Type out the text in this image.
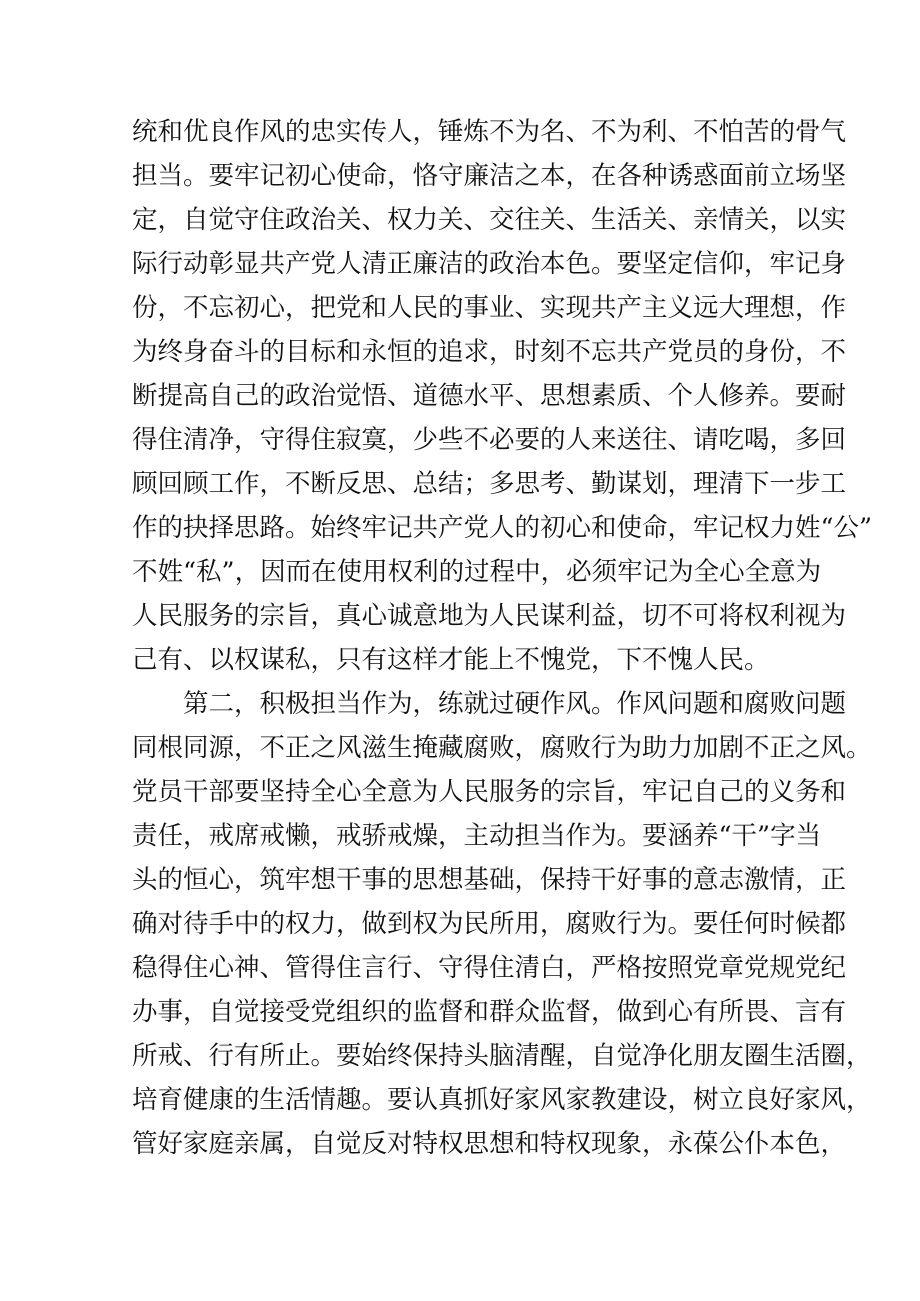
统和优良作风的忠实传人，锤炼不为名、不为利、不怕苦的骨气
担当。要牢记初心使命，恪守廉洁之本，在各种诱惑面前立场坚
定，自觉守住政治关、权力关、交往关、生活关、亲情关，以实
际行动彰显共产党人清正廉洁的政治本色。要坚定信仰，牢记身
份，不忘初心，把党和人民的事业、实现共产主义远大理想，作
为终身奋斗的目标和永恒的追求，时刻不忘共产党员的身份，不
断提高自己的政治觉悟、道德水平、思想素质、个人修养。要耐
得住清净，守得住寂寞，少些不必要的人来送往、请吃喝，多回
顾回顾工作，不断反思、总结；多思考、勤谋划，理清下一步工
作的抉择思路。始终牢记共产党人的初心和使命，牢记权力姓“公”
不姓“私”，因而在使用权利的过程中，必须牢记为全心全意为
人民服务的宗旨，真心诚意地为人民谋利益，切不可将权利视为
己有、以权谋私，只有这样才能上不愧党，下不愧人民。
第二，积极担当作为，练就过硬作风。作风问题和腐败问题
同根同源，不正之风滋生掩藏腐败，腐败行为助力加剧不正之风。
党员干部要坚持全心全意为人民服务的宗旨，牢记自己的义务和
责任，戒席戒懒，戒骄戒燥，主动担当作为。要涵养“干”字当
头的恒心，筑牢想干事的思想基础，保持干好事的意志激情，正
确对待手中的权力，做到权为民所用，腐败行为。要任何时候都
稳得住心神、管得住言行、守得住清白，严格按照党章党规党纪
办事，自觉接受党组织的监督和群众监督，做到心有所畏、言有
所戒、行有所止。要始终保持头脑清醒，自觉净化朋友圈生活圈，
培育健康的生活情趣。要认真抓好家风家教建设，树立良好家风，
管好家庭亲属，自觉反对特权思想和特权现象，永葆公仆本色，
